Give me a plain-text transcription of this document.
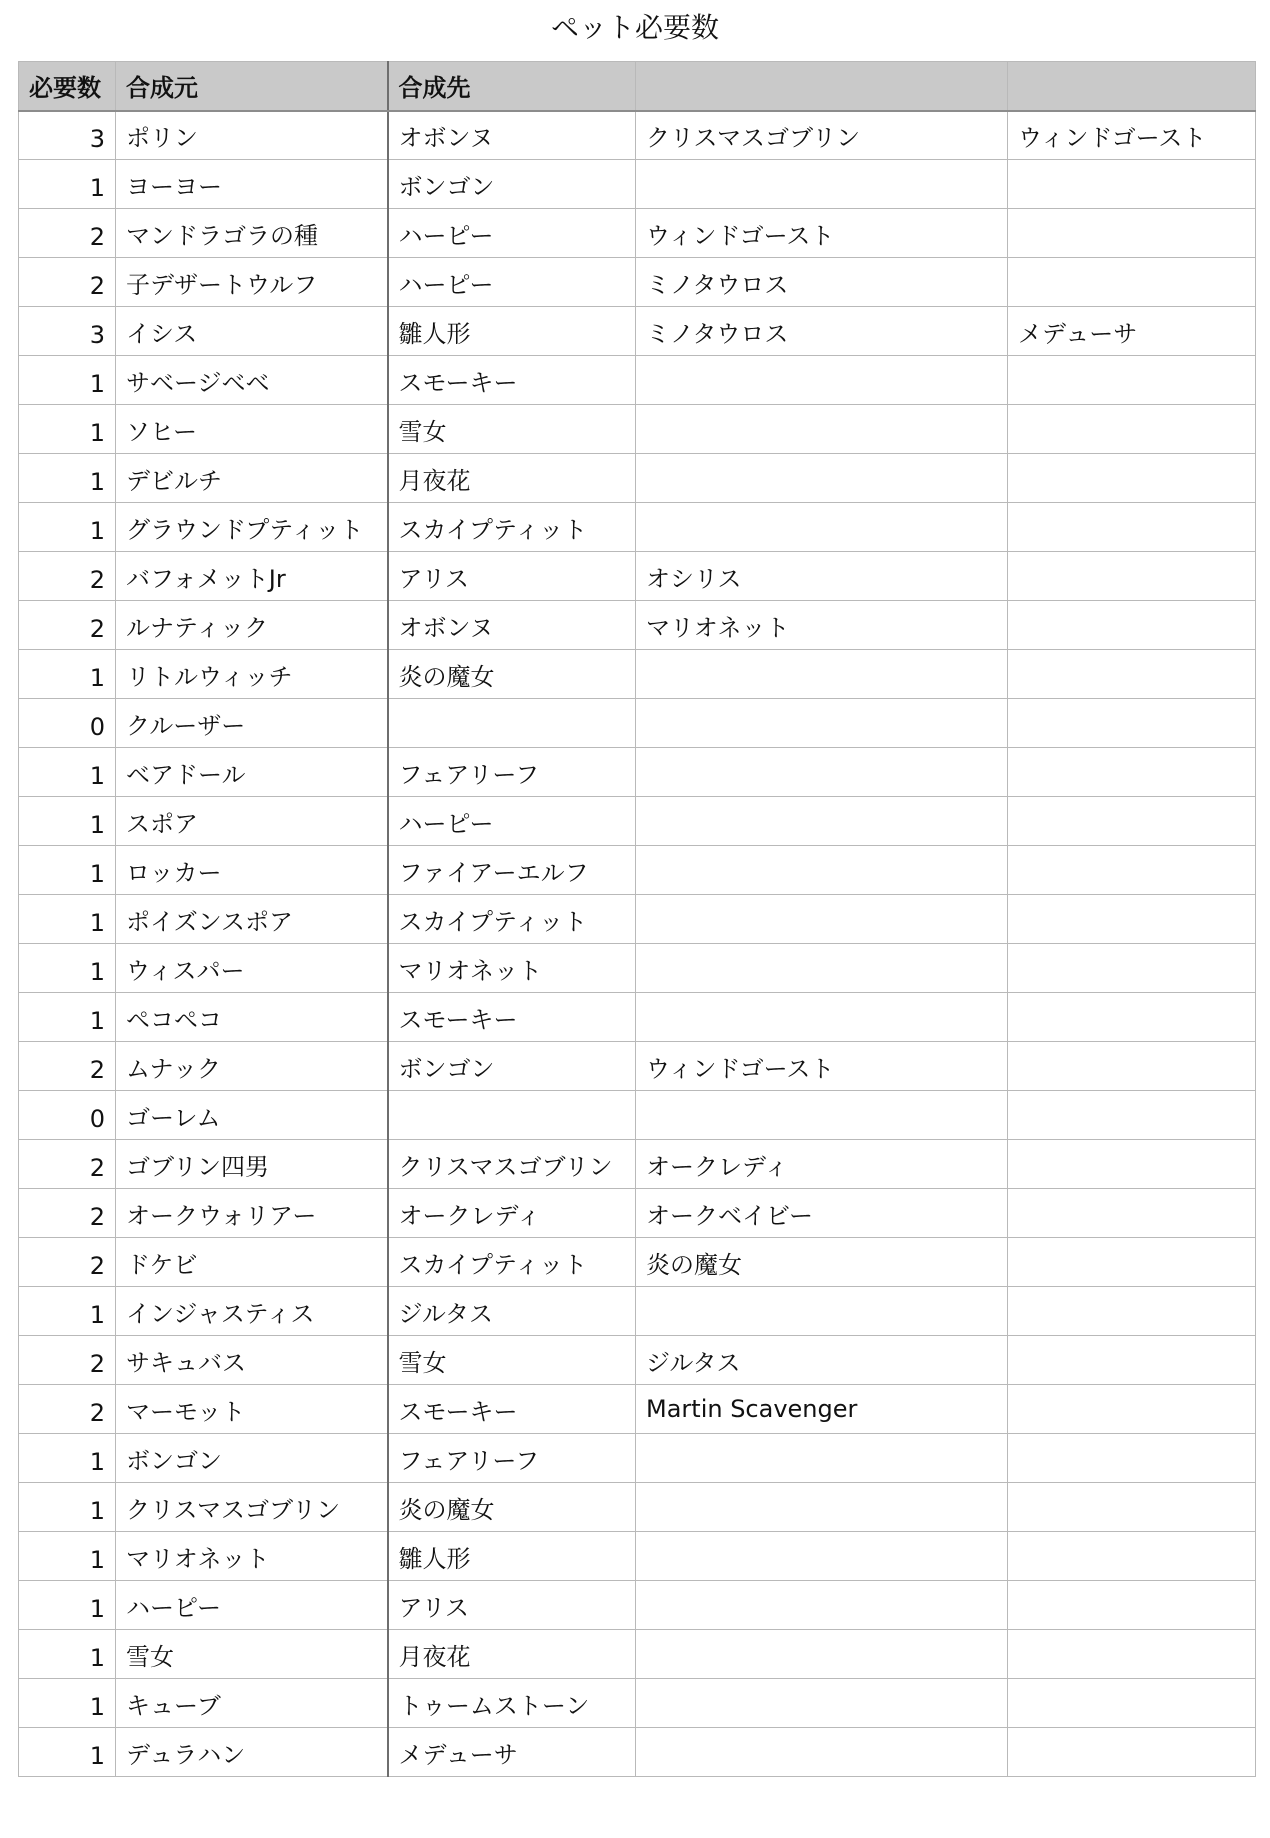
ペット必要数
必要数	合成元	合成先		
3	ポリン	オボンヌ	クリスマスゴブリン	ウィンドゴースト
1	ヨーヨー	ボンゴン		
2	マンドラゴラの種	ハーピー	ウィンドゴースト	
2	子デザートウルフ	ハーピー	ミノタウロス	
3	イシス	雛人形	ミノタウロス	メデューサ
1	サベージベベ	スモーキー		
1	ソヒー	雪女		
1	デビルチ	月夜花		
1	グラウンドプティット	スカイプティット		
2	バフォメットJr	アリス	オシリス	
2	ルナティック	オボンヌ	マリオネット	
1	リトルウィッチ	炎の魔女		
0	クルーザー			
1	ベアドール	フェアリーフ		
1	スポア	ハーピー		
1	ロッカー	ファイアーエルフ		
1	ポイズンスポア	スカイプティット		
1	ウィスパー	マリオネット		
1	ペコペコ	スモーキー		
2	ムナック	ボンゴン	ウィンドゴースト	
0	ゴーレム			
2	ゴブリン四男	クリスマスゴブリン	オークレディ	
2	オークウォリアー	オークレディ	オークベイビー	
2	ドケビ	スカイプティット	炎の魔女	
1	インジャスティス	ジルタス		
2	サキュバス	雪女	ジルタス	
2	マーモット	スモーキー	Martin Scavenger	
1	ボンゴン	フェアリーフ		
1	クリスマスゴブリン	炎の魔女		
1	マリオネット	雛人形		
1	ハーピー	アリス		
1	雪女	月夜花		
1	キューブ	トゥームストーン		
1	デュラハン	メデューサ		
